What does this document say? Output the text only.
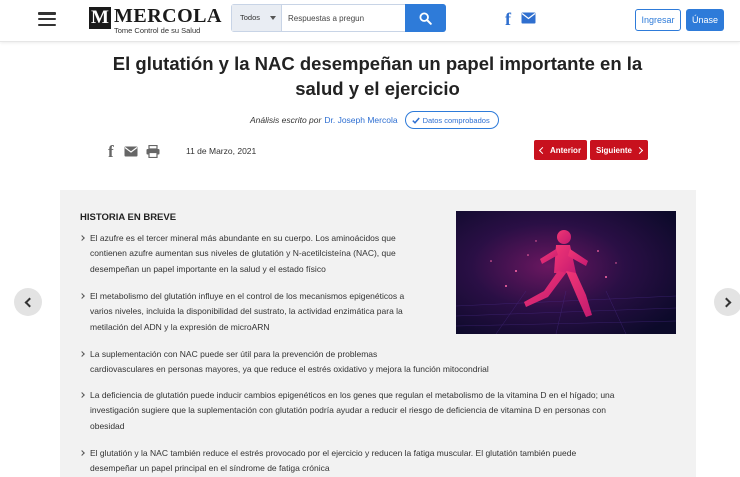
M MERCOLA
Tome Control de su Salud
Todos
Respuestas a pregun	f	Ingresar	Únase
El glutatión y la NAC desempeñan un papel importante en la salud y el ejercicio
Análisis escrito por Dr. Joseph Mercola	Datos comprobados
f	11 de Marzo, 2021	Anterior Siguiente
HISTORIA EN BREVE
El azufre es el tercer mineral más abundante en su cuerpo. Los aminoácidos que
contienen azufre aumentan sus niveles de glutatión y N-acetilcisteína (NAC), que
desempeñan un papel importante en la salud y el estado físico
El metabolismo del glutatión influye en el control de los mecanismos epigenéticos a
varios niveles, incluida la disponibilidad del sustrato, la actividad enzimática para la
metilación del ADN y la expresión de microARN
La suplementación con NAC puede ser útil para la prevención de problemas
cardiovasculares en personas mayores, ya que reduce el estrés oxidativo y mejora la función mitocondrial
La deficiencia de glutatión puede inducir cambios epigenéticos en los genes que regulan el metabolismo de la vitamina D en el hígado; una
investigación sugiere que la suplementación con glutatión podría ayudar a reducir el riesgo de deficiencia de vitamina D en personas con
obesidad
El glutatión y la NAC también reduce el estrés provocado por el ejercicio y reducen la fatiga muscular. El glutatión también puede
desempeñar un papel principal en el síndrome de fatiga crónica
